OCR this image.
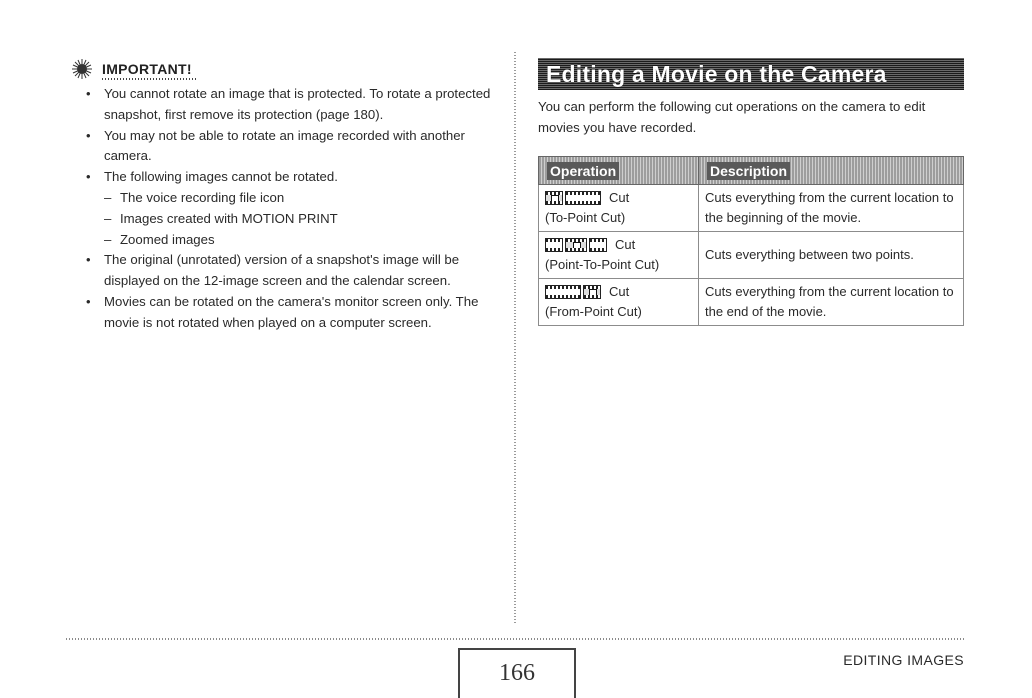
IMPORTANT!
• You cannot rotate an image that is protected. To rotate a protected snapshot, first remove its protection (page 180).
• You may not be able to rotate an image recorded with another camera.
• The following images cannot be rotated.
– The voice recording file icon
– Images created with MOTION PRINT
– Zoomed images
• The original (unrotated) version of a snapshot's image will be displayed on the 12-image screen and the calendar screen.
• Movies can be rotated on the camera's monitor screen only. The movie is not rotated when played on a computer screen.
Editing a Movie on the Camera

You can perform the following cut operations on the camera to edit movies you have recorded.

Operation	Description

Cut
(To-Point Cut)	Cuts everything from the current location to the beginning of the movie.

Cut
(Point-To-Point Cut)	Cuts everything between two points.

Cut
(From-Point Cut)	Cuts everything from the current location to the end of the movie.
166	EDITING IMAGES
